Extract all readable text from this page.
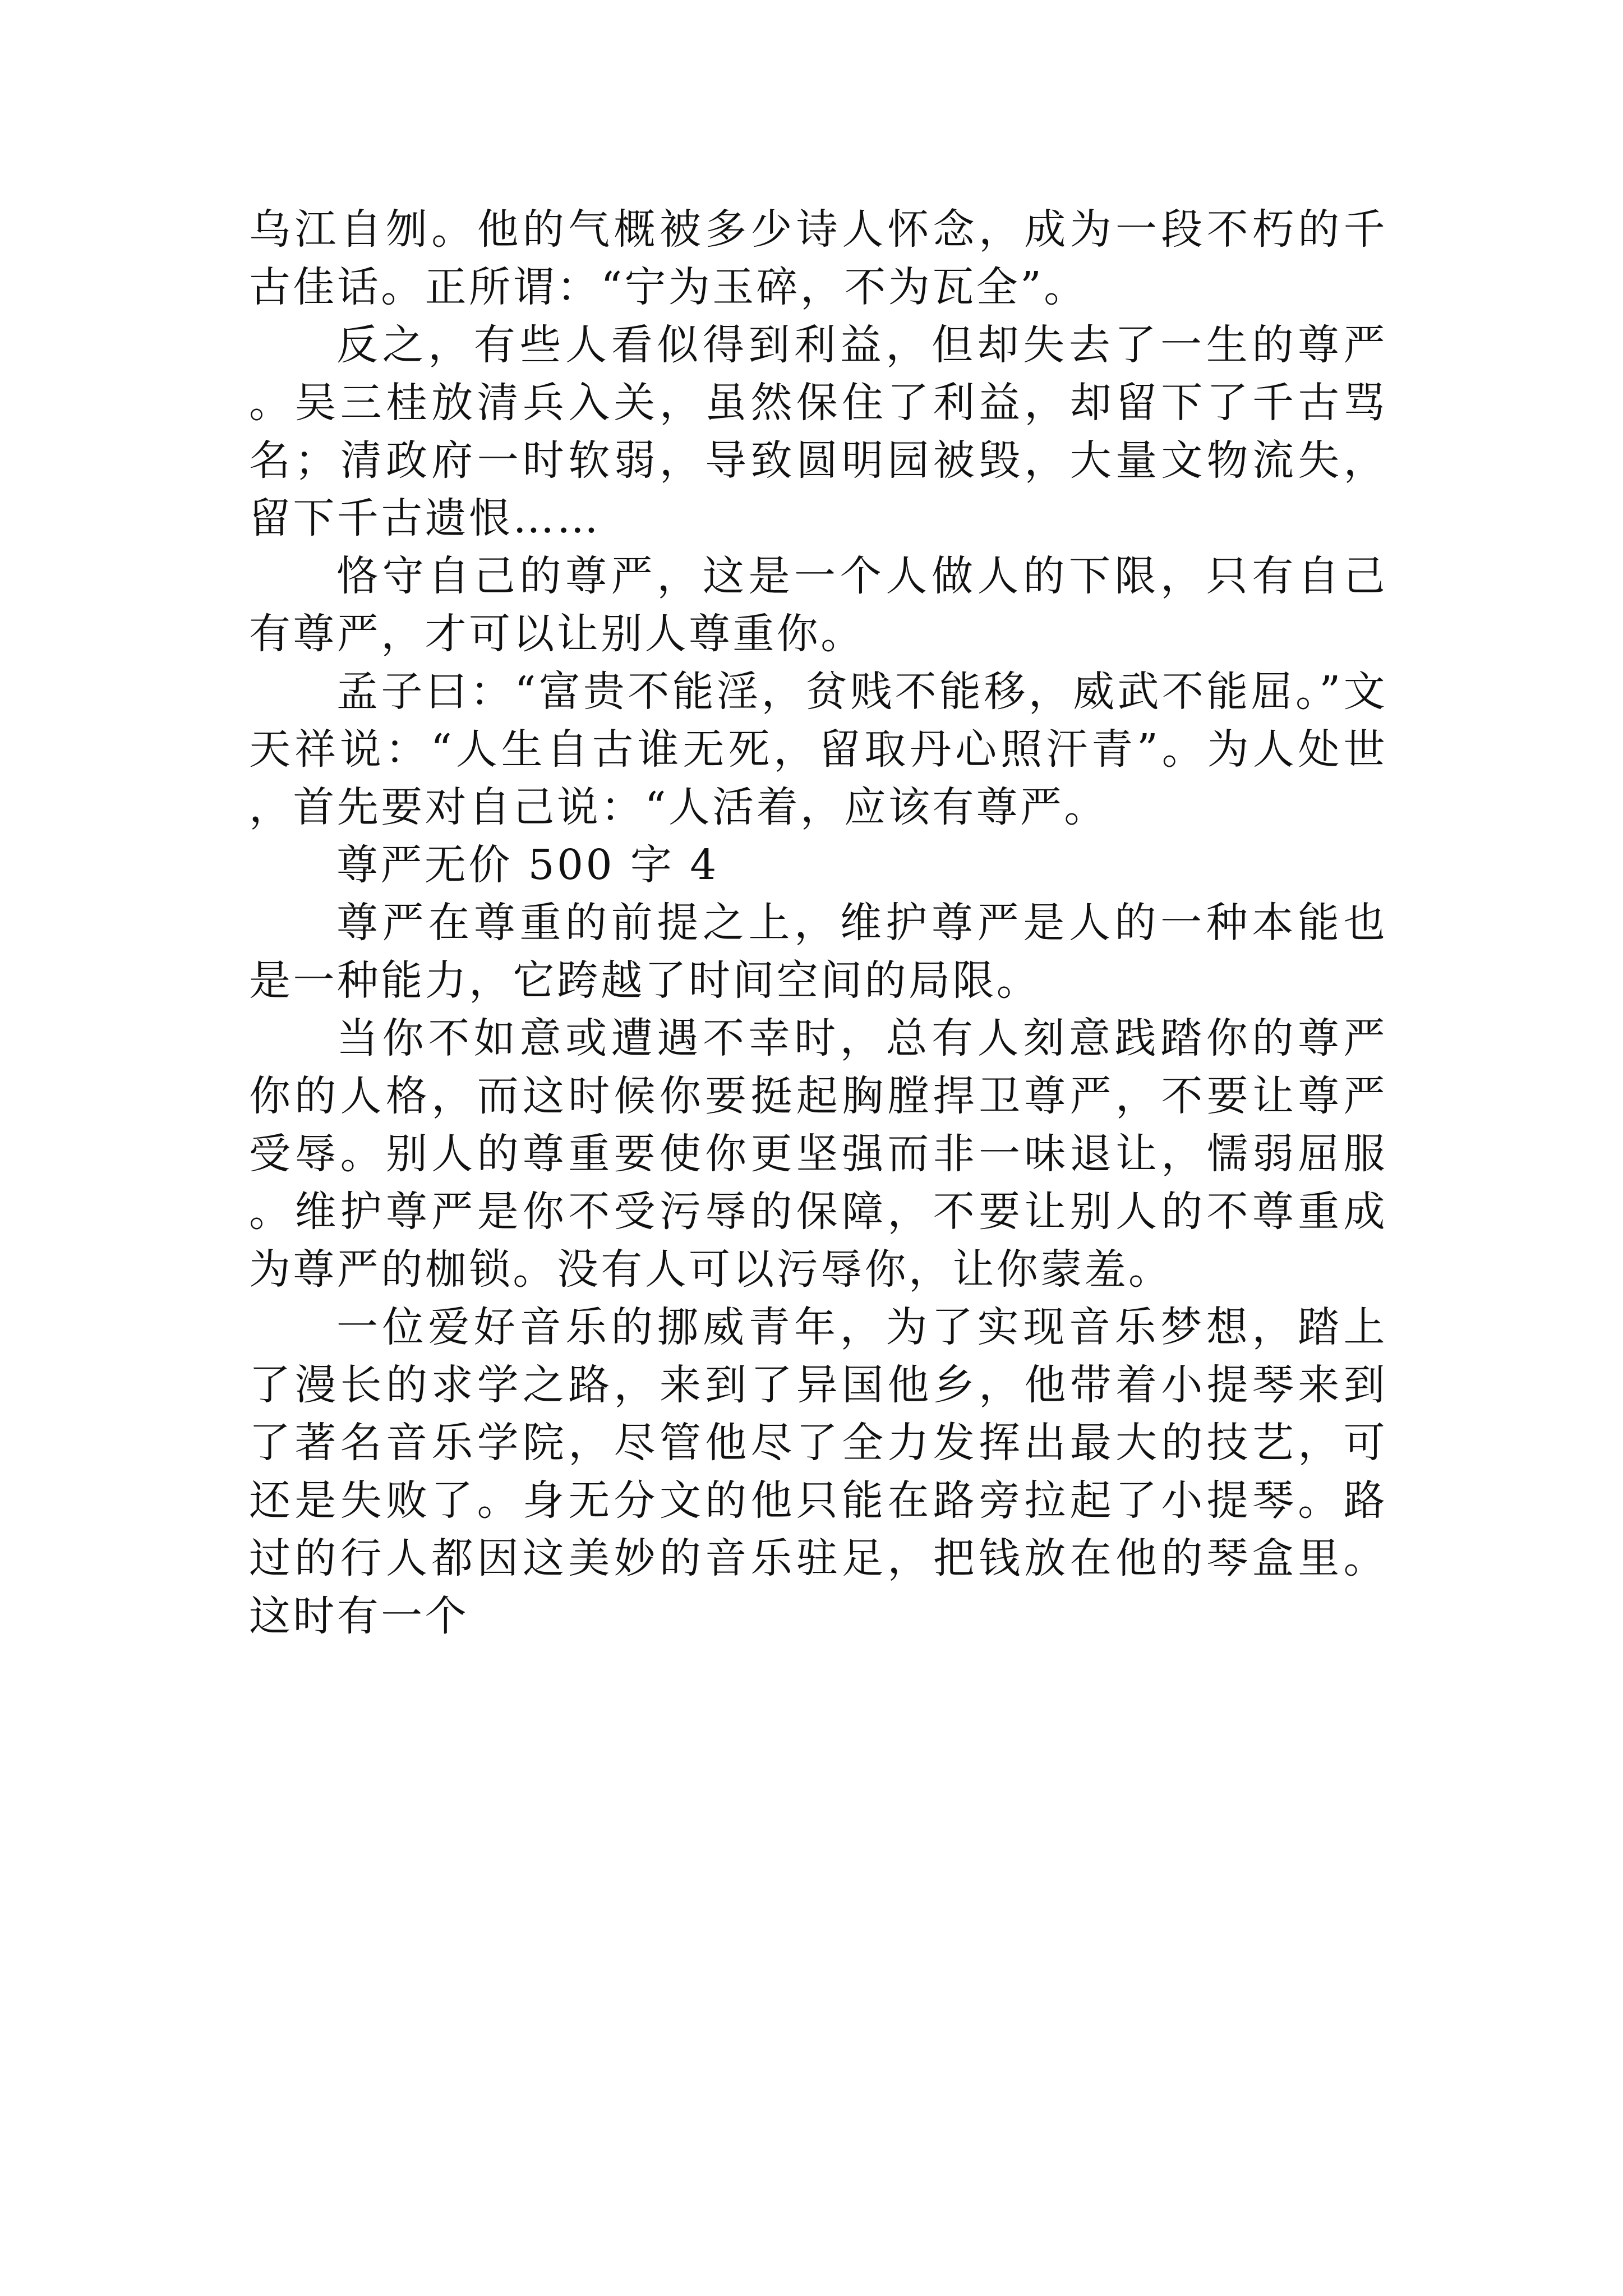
乌江自刎。他的气概被多少诗人怀念，成为一段不朽的千古佳话。正所谓：“宁为玉碎，不为瓦全”。

反之，有些人看似得到利益，但却失去了一生的尊严。吴三桂放清兵入关，虽然保住了利益，却留下了千古骂名；清政府一时软弱，导致圆明园被毁，大量文物流失，留下千古遗恨……

恪守自己的尊严，这是一个人做人的下限，只有自己有尊严，才可以让别人尊重你。

孟子曰：“富贵不能淫，贫贱不能移，威武不能屈。”文天祥说：“人生自古谁无死，留取丹心照汗青”。为人处世，首先要对自己说：“人活着，应该有尊严。

尊严无价 500 字 4

尊严在尊重的前提之上，维护尊严是人的一种本能也是一种能力，它跨越了时间空间的局限。

当你不如意或遭遇不幸时，总有人刻意践踏你的尊严你的人格，而这时候你要挺起胸膛捍卫尊严，不要让尊严受辱。别人的尊重要使你更坚强而非一味退让，懦弱屈服。维护尊严是你不受污辱的保障，不要让别人的不尊重成为尊严的枷锁。没有人可以污辱你，让你蒙羞。

一位爱好音乐的挪威青年，为了实现音乐梦想，踏上了漫长的求学之路，来到了异国他乡，他带着小提琴来到了著名音乐学院，尽管他尽了全力发挥出最大的技艺，可还是失败了。身无分文的他只能在路旁拉起了小提琴。路过的行人都因这美妙的音乐驻足，把钱放在他的琴盒里。这时有一个
